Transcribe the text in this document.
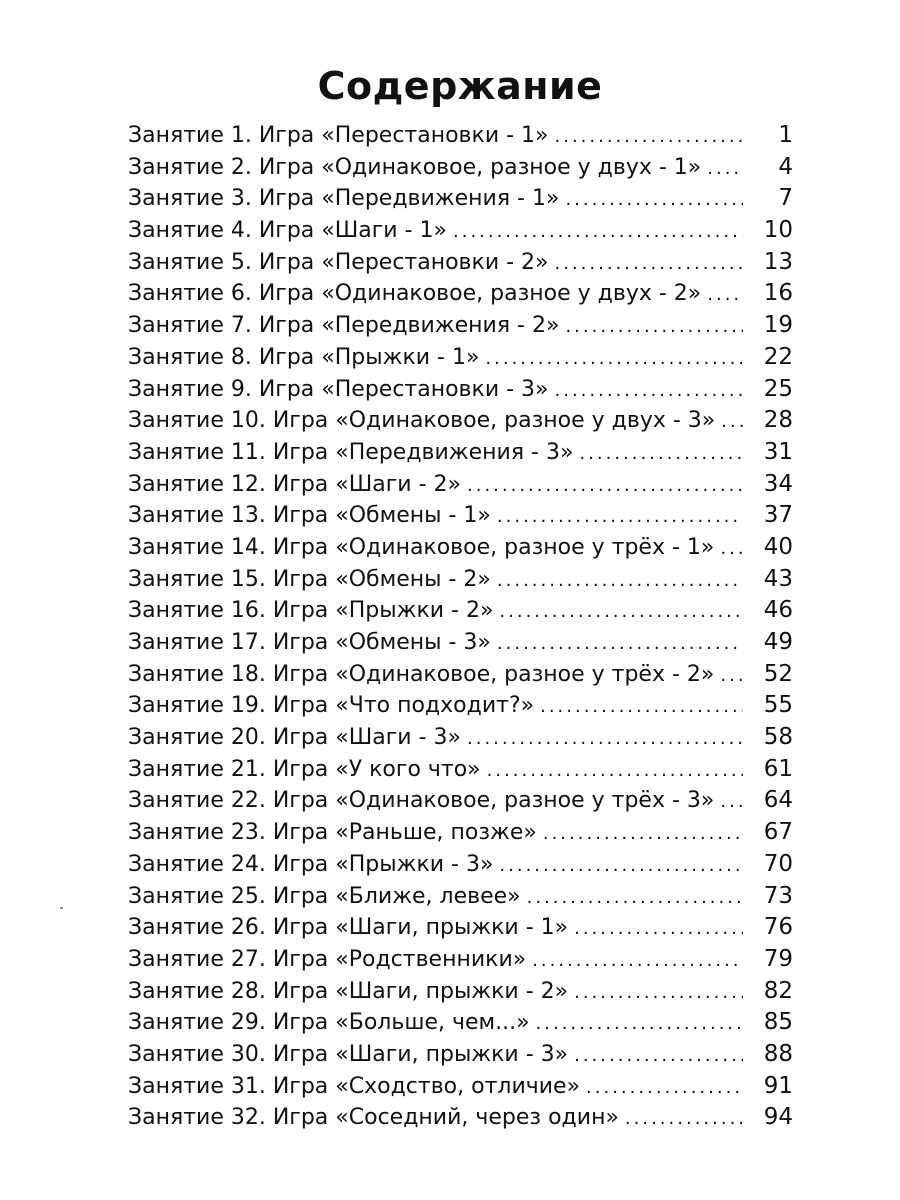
Содержание
Занятие 1. Игра «Перестановки - 1» .....	1
Занятие 2. Игра «Одинаковое, разное у двух - 1» .....	4
Занятие 3. Игра «Передвижения - 1» .....	7
Занятие 4. Игра «Шаги - 1» .....	10
Занятие 5. Игра «Перестановки - 2» .....	13
Занятие 6. Игра «Одинаковое, разное у двух - 2» .....	16
Занятие 7. Игра «Передвижения - 2» .....	19
Занятие 8. Игра «Прыжки - 1» .....	22
Занятие 9. Игра «Перестановки - 3» .....	25
Занятие 10. Игра «Одинаковое, разное у двух - 3» .....	28
Занятие 11. Игра «Передвижения - 3» .....	31
Занятие 12. Игра «Шаги - 2» .....	34
Занятие 13. Игра «Обмены - 1» .....	37
Занятие 14. Игра «Одинаковое, разное у трёх - 1» .....	40
Занятие 15. Игра «Обмены - 2» .....	43
Занятие 16. Игра «Прыжки - 2» .....	46
Занятие 17. Игра «Обмены - 3» .....	49
Занятие 18. Игра «Одинаковое, разное у трёх - 2» .....	52
Занятие 19. Игра «Что подходит?» .....	55
Занятие 20. Игра «Шаги - 3» .....	58
Занятие 21. Игра «У кого что» .....	61
Занятие 22. Игра «Одинаковое, разное у трёх - 3» .....	64
Занятие 23. Игра «Раньше, позже» .....	67
Занятие 24. Игра «Прыжки - 3» .....	70
Занятие 25. Игра «Ближе, левее» .....	73
Занятие 26. Игра «Шаги, прыжки - 1» .....	76
Занятие 27. Игра «Родственники» .....	79
Занятие 28. Игра «Шаги, прыжки - 2» .....	82
Занятие 29. Игра «Больше, чем...» .....	85
Занятие 30. Игра «Шаги, прыжки - 3» .....	88
Занятие 31. Игра «Сходство, отличие» .....	91
Занятие 32. Игра «Соседний, через один» .....	94
